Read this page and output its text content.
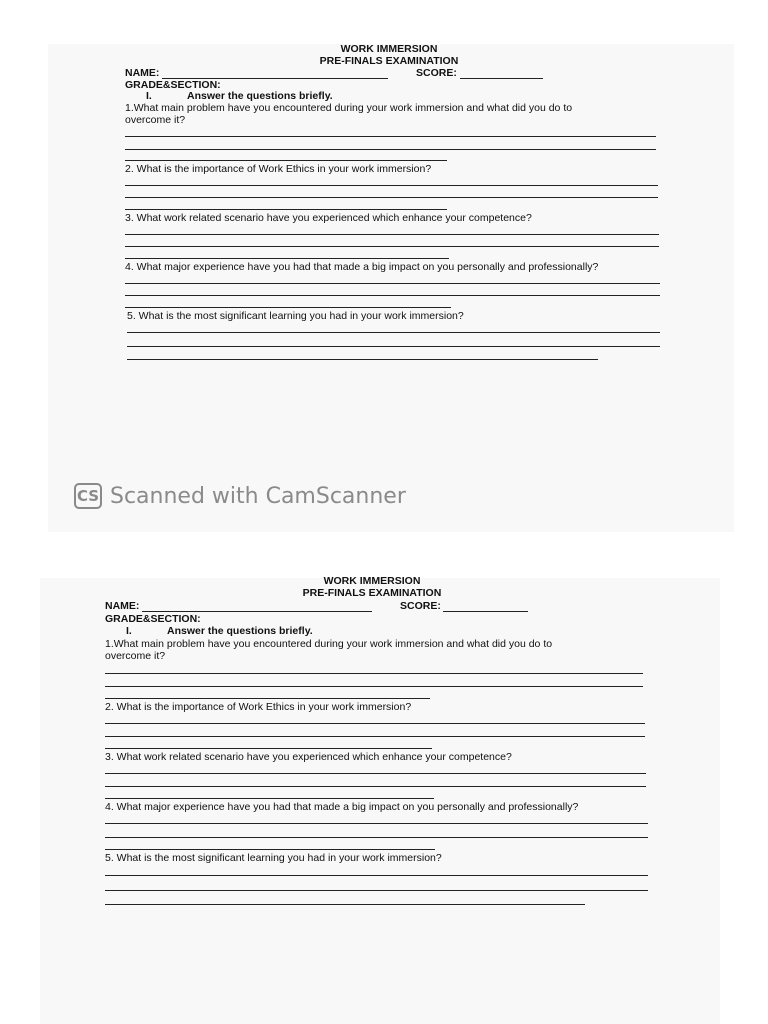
WORK IMMERSION
PRE-FINALS EXAMINATION
NAME:	SCORE:
GRADE&SECTION:
I.	Answer the questions briefly.
1.What main problem have you encountered during your work immersion and what did you do to
overcome it?
2. What is the importance of Work Ethics in your work immersion?
3. What work related scenario have you experienced which enhance your competence?
4. What major experience have you had that made a big impact on you personally and professionally?
5. What is the most significant learning you had in your work immersion?
CS Scanned with CamScanner
WORK IMMERSION
PRE-FINALS EXAMINATION
NAME:	SCORE:
GRADE&SECTION:
I.	Answer the questions briefly.
1.What main problem have you encountered during your work immersion and what did you do to
overcome it?
2. What is the importance of Work Ethics in your work immersion?
3. What work related scenario have you experienced which enhance your competence?
4. What major experience have you had that made a big impact on you personally and professionally?
5. What is the most significant learning you had in your work immersion?
